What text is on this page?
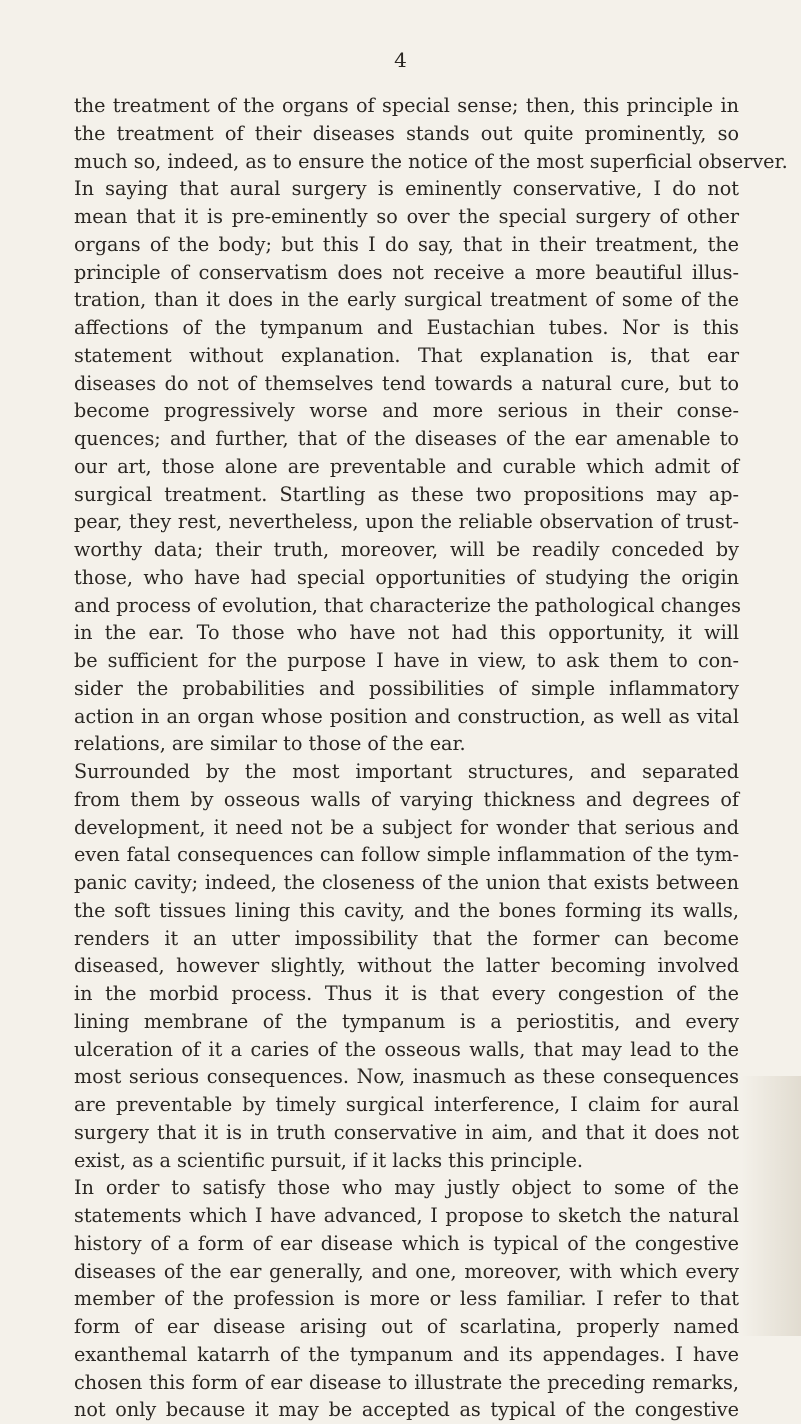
4
the treatment of the organs of special sense; then, this principle in
the treatment of their diseases stands out quite prominently, so
much so, indeed, as to ensure the notice of the most superficial observer.
In saying that aural surgery is eminently conservative, I do not
mean that it is pre-eminently so over the special surgery of other
organs of the body; but this I do say, that in their treatment, the
principle of conservatism does not receive a more beautiful illus-
tration, than it does in the early surgical treatment of some of the
affections of the tympanum and Eustachian tubes. Nor is this
statement without explanation. That explanation is, that ear
diseases do not of themselves tend towards a natural cure, but to
become progressively worse and more serious in their conse-
quences; and further, that of the diseases of the ear amenable to
our art, those alone are preventable and curable which admit of
surgical treatment. Startling as these two propositions may ap-
pear, they rest, nevertheless, upon the reliable observation of trust-
worthy data; their truth, moreover, will be readily conceded by
those, who have had special opportunities of studying the origin
and process of evolution, that characterize the pathological changes
in the ear. To those who have not had this opportunity, it will
be sufficient for the purpose I have in view, to ask them to con-
sider the probabilities and possibilities of simple inflammatory
action in an organ whose position and construction, as well as vital
relations, are similar to those of the ear.
Surrounded by the most important structures, and separated
from them by osseous walls of varying thickness and degrees of
development, it need not be a subject for wonder that serious and
even fatal consequences can follow simple inflammation of the tym-
panic cavity; indeed, the closeness of the union that exists between
the soft tissues lining this cavity, and the bones forming its walls,
renders it an utter impossibility that the former can become
diseased, however slightly, without the latter becoming involved
in the morbid process. Thus it is that every congestion of the
lining membrane of the tympanum is a periostitis, and every
ulceration of it a caries of the osseous walls, that may lead to the
most serious consequences. Now, inasmuch as these consequences
are preventable by timely surgical interference, I claim for aural
surgery that it is in truth conservative in aim, and that it does not
exist, as a scientific pursuit, if it lacks this principle.
In order to satisfy those who may justly object to some of the
statements which I have advanced, I propose to sketch the natural
history of a form of ear disease which is typical of the congestive
diseases of the ear generally, and one, moreover, with which every
member of the profession is more or less familiar. I refer to that
form of ear disease arising out of scarlatina, properly named
exanthemal katarrh of the tympanum and its appendages. I have
chosen this form of ear disease to illustrate the preceding remarks,
not only because it may be accepted as typical of the congestive
